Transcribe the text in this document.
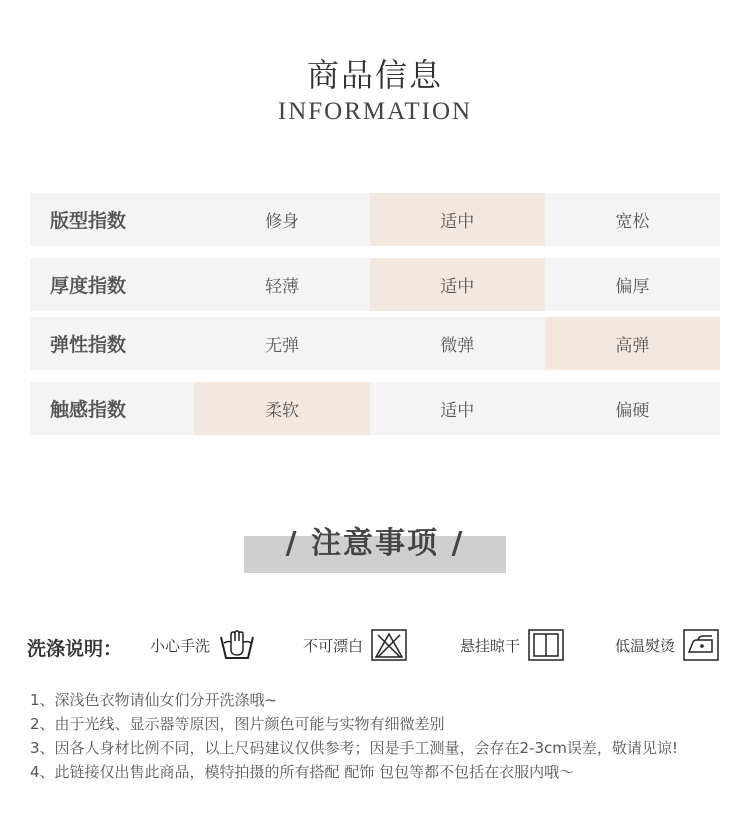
商品信息
INFORMATION
版型指数	修身	适中	宽松
厚度指数	轻薄	适中	偏厚
弹性指数	无弹	微弹	高弹
触感指数	柔软	适中	偏硬
/ 注意事项 /
洗涤说明： 小心手洗	不可漂白	悬挂晾干	低温熨烫
1、深浅色衣物请仙女们分开洗涤哦~
2、由于光线、显示器等原因，图片颜色可能与实物有细微差别
3、因各人身材比例不同，以上尺码建议仅供参考；因是手工测量，会存在2-3cm误差，敬请见谅!
4、此链接仅出售此商品，模特拍摄的所有搭配 配饰 包包等都不包括在衣服内哦〜
